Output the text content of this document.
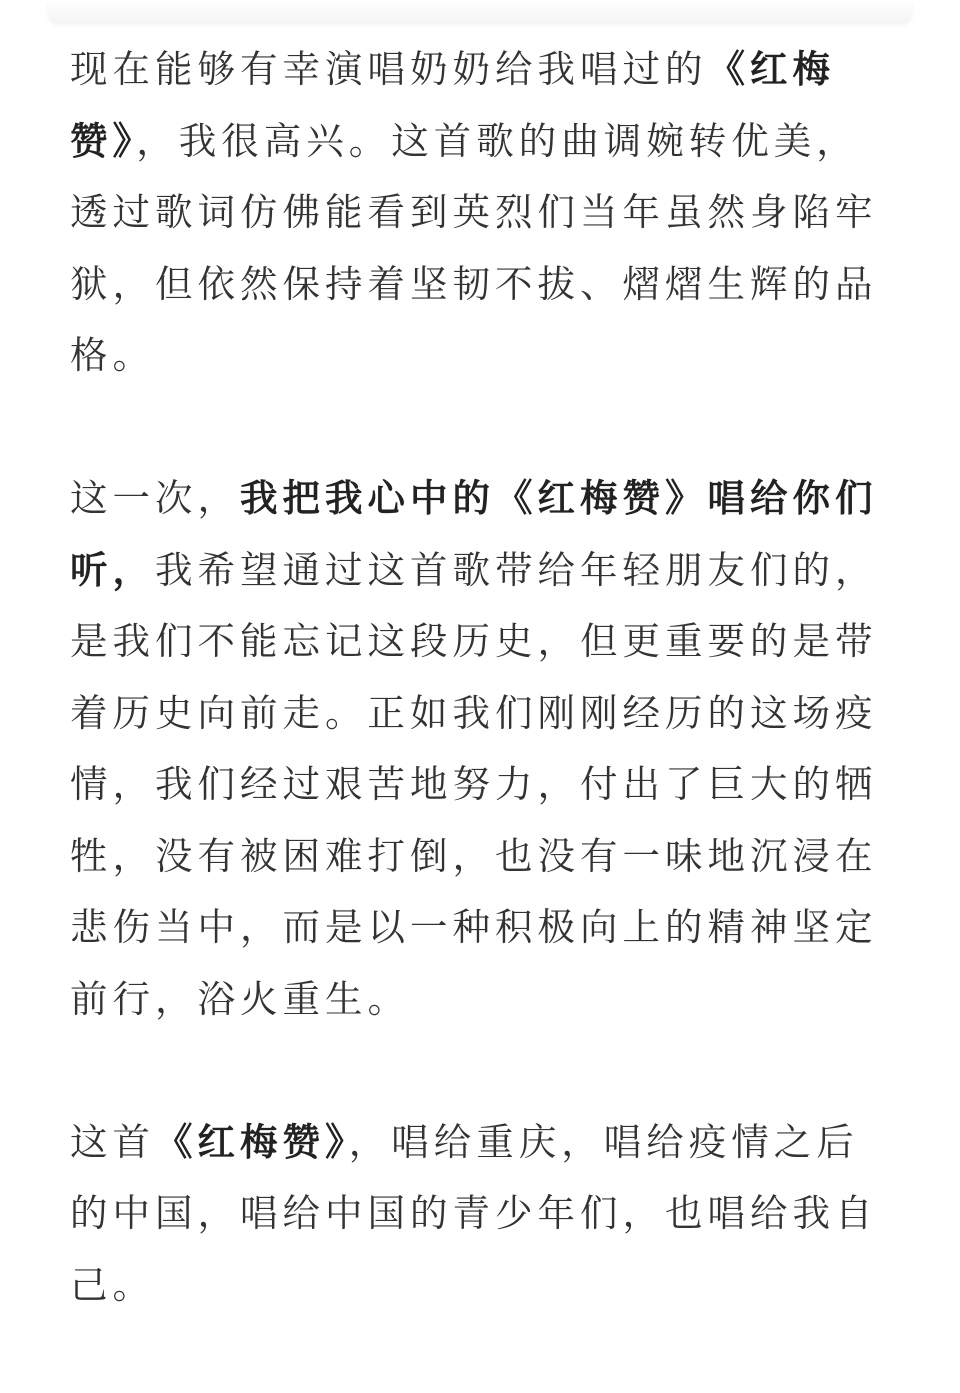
现在能够有幸演唱奶奶给我唱过的《红梅
赞》，我很高兴。这首歌的曲调婉转优美，
透过歌词仿佛能看到英烈们当年虽然身陷牢
狱，但依然保持着坚韧不拔、熠熠生辉的品
格。
这一次，我把我心中的《红梅赞》唱给你们
听，我希望通过这首歌带给年轻朋友们的，
是我们不能忘记这段历史，但更重要的是带
着历史向前走。正如我们刚刚经历的这场疫
情，我们经过艰苦地努力，付出了巨大的牺
牲，没有被困难打倒，也没有一味地沉浸在
悲伤当中，而是以一种积极向上的精神坚定
前行，浴火重生。
这首《红梅赞》，唱给重庆，唱给疫情之后
的中国，唱给中国的青少年们，也唱给我自
己。
